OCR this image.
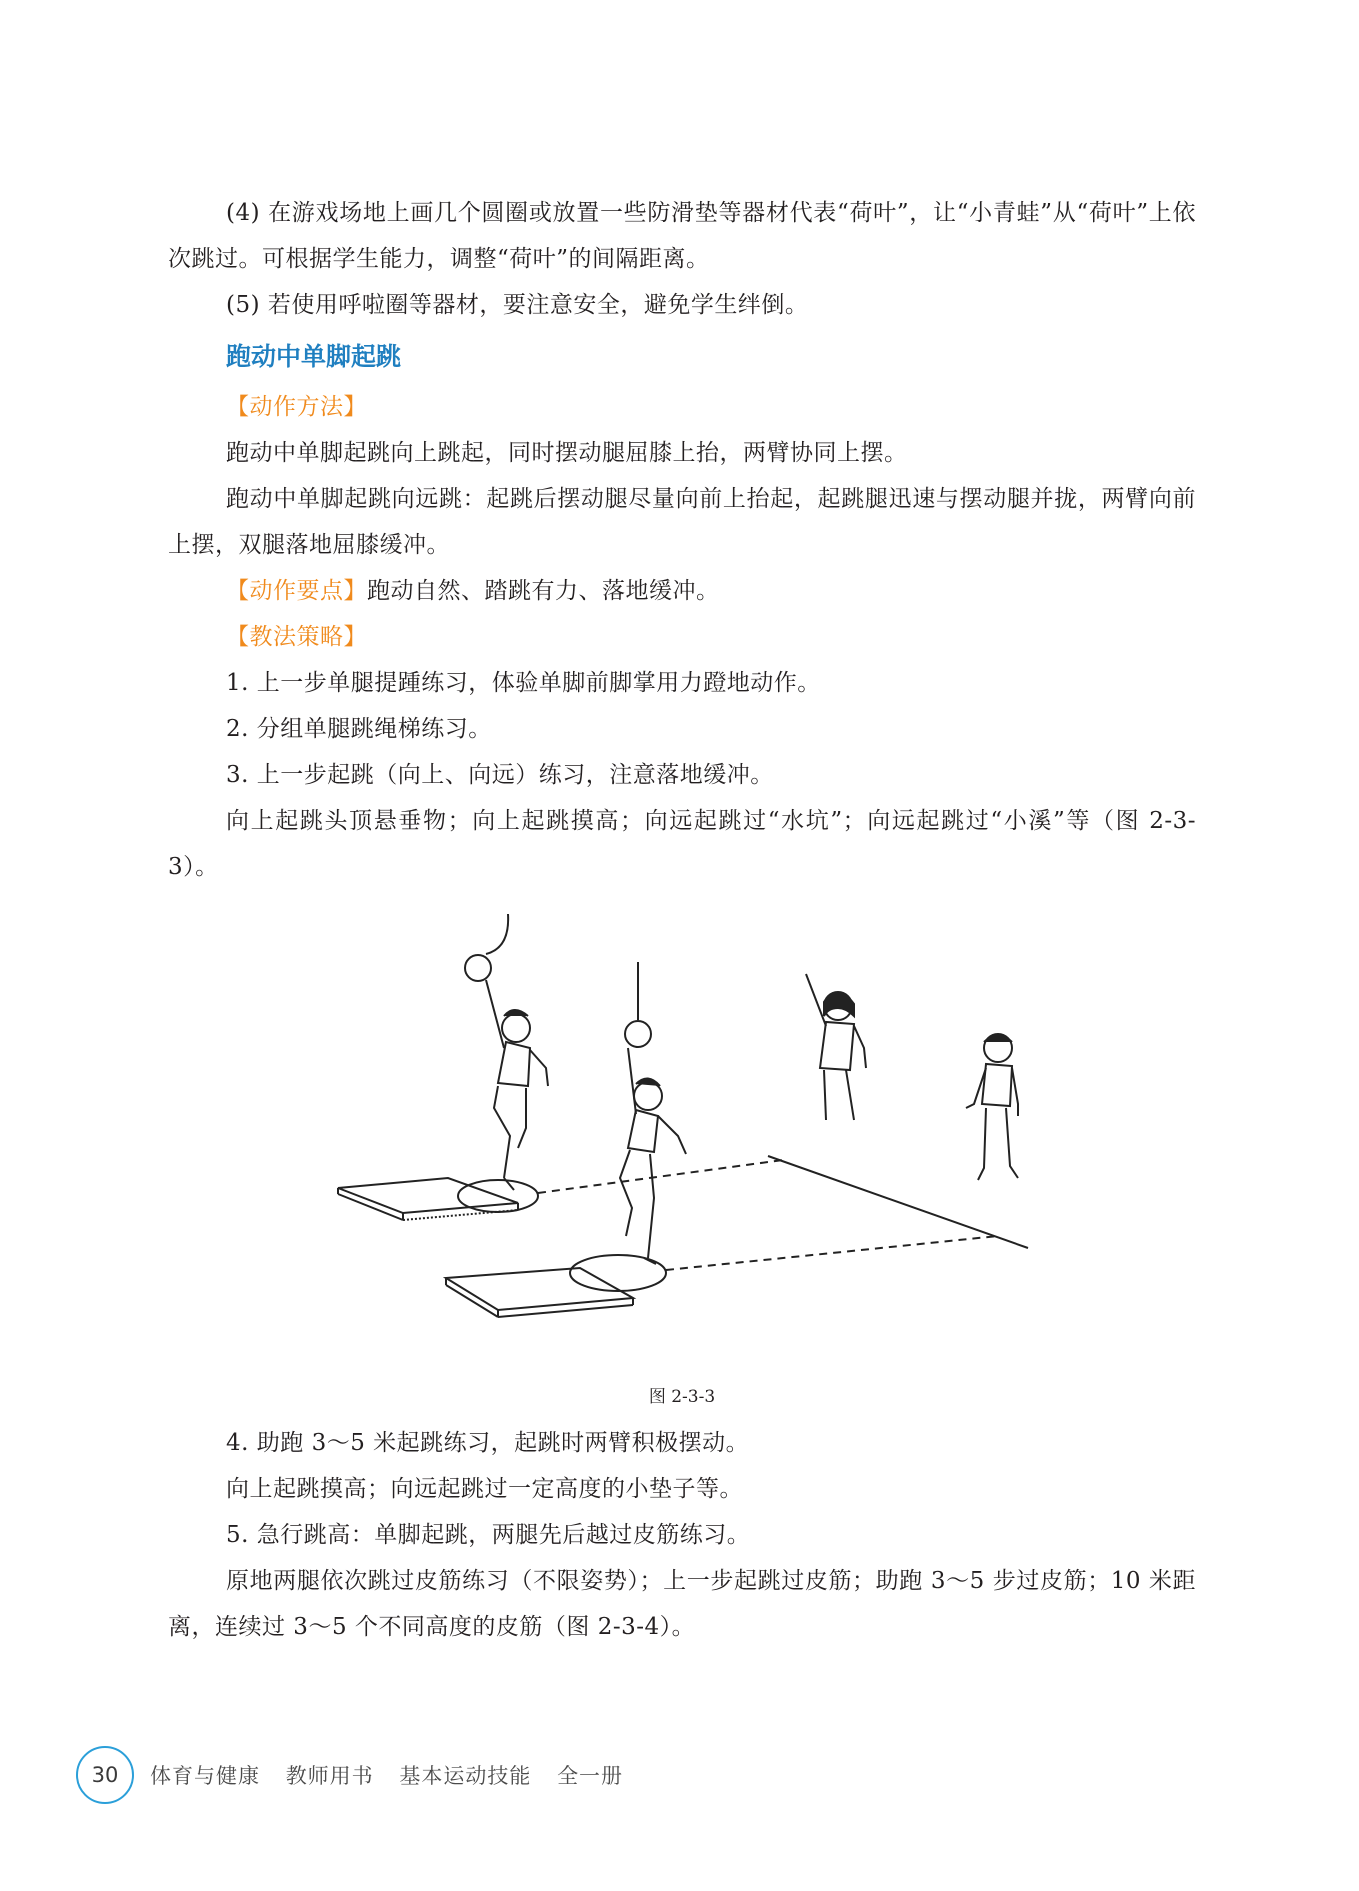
(4) 在游戏场地上画几个圆圈或放置一些防滑垫等器材代表“荷叶”，让“小青蛙”从“荷叶”上依次跳过。可根据学生能力，调整“荷叶”的间隔距离。

(5) 若使用呼啦圈等器材，要注意安全，避免学生绊倒。

跑动中单脚起跳

【动作方法】

跑动中单脚起跳向上跳起，同时摆动腿屈膝上抬，两臂协同上摆。

跑动中单脚起跳向远跳：起跳后摆动腿尽量向前上抬起，起跳腿迅速与摆动腿并拢，两臂向前上摆，双腿落地屈膝缓冲。

【动作要点】跑动自然、踏跳有力、落地缓冲。

【教法策略】

1. 上一步单腿提踵练习，体验单脚前脚掌用力蹬地动作。

2. 分组单腿跳绳梯练习。

3. 上一步起跳（向上、向远）练习，注意落地缓冲。

向上起跳头顶悬垂物；向上起跳摸高；向远起跳过“水坑”；向远起跳过“小溪”等（图 2-3-3）。

图 2-3-3

4. 助跑 3～5 米起跳练习，起跳时两臂积极摆动。

向上起跳摸高；向远起跳过一定高度的小垫子等。

5. 急行跳高：单脚起跳，两腿先后越过皮筋练习。

原地两腿依次跳过皮筋练习（不限姿势）；上一步起跳过皮筋；助跑 3～5 步过皮筋；10 米距离，连续过 3～5 个不同高度的皮筋（图 2-3-4）。

30	体育与健康 教师用书 基本运动技能 全一册
